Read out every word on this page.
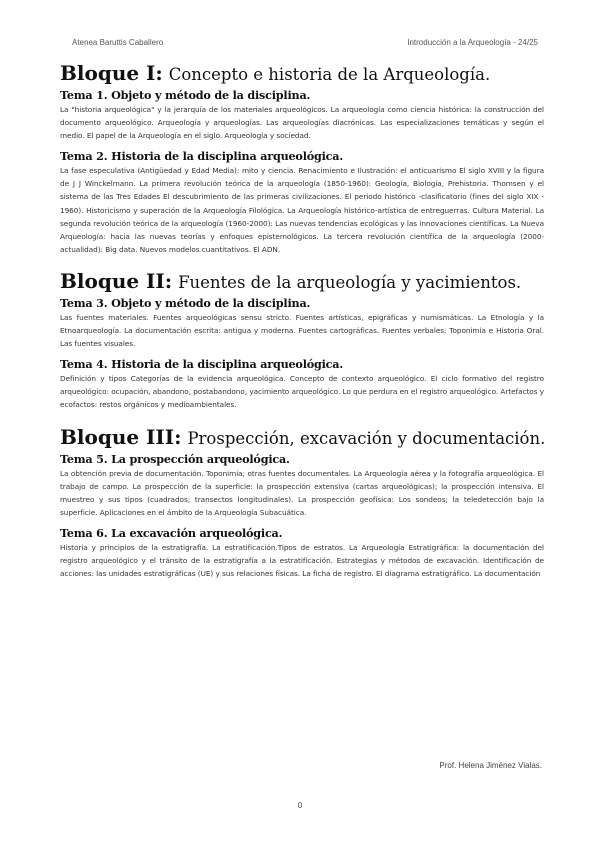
Atenea Baruttis Caballero	Introducción a la Arqueología - 24/25
Bloque I: Concepto e historia de la Arqueología.
Tema 1. Objeto y método de la disciplina.

La "historia arqueológica" y la jerarquía de los materiales arqueológicos. La arqueología como ciencia histórica: la construcción del documento arqueológico. Arqueología y arqueologías. Las arqueologías diacrónicas. Las especializaciones temáticas y según el medio. El papel de la Arqueología en el siglo. Arqueología y sociedad.

Tema 2. Historia de la disciplina arqueológica.

La fase especulativa (Antigüedad y Edad Media): mito y ciencia. Renacimiento e Ilustración: el anticuarismo El siglo XVIII y la figura de J J Winckelmann. La primera revolución teórica de la arqueología (1850-1960): Geología, Biología, Prehistoria. Thomsen y el sistema de las Tres Edades El descubrimiento de las primeras civilizaciones. El periodo histórico -clasificatorio (fines del siglo XIX - 1960). Historicismo y superación de la Arqueología Filológica. La Arqueología histórico-artística de entreguerras. Cultura Material. La segunda revolución teórica de la arqueología (1960-2000): Las nuevas tendencias ecológicas y las innovaciones científicas. La Nueva Arqueología: hacia las nuevas teorías y enfoques epistemológicos. La tercera revolución científica de la arqueología (2000- actualidad): Big data. Nuevos modelos cuantitativos. El ADN.

Bloque II: Fuentes de la arqueología y yacimientos.
Tema 3. Objeto y método de la disciplina.

Las fuentes materiales. Fuentes arqueológicas sensu stricto. Fuentes artísticas, epigráficas y numismáticas. La Etnología y la Etnoarqueología. La documentación escrita: antigua y moderna. Fuentes cartográficas. Fuentes verbales: Toponimia e Historia Oral. Las fuentes visuales.

Tema 4. Historia de la disciplina arqueológica.

Definición y tipos Categorías de la evidencia arqueológica. Concepto de contexto arqueológico. El ciclo formativo del registro arqueológico: ocupación, abandono, postabandono, yacimiento arqueológico. Lo que perdura en el registro arqueológico. Artefactos y ecofactos: restos orgánicos y medioambientales.

Bloque III: Prospección, excavación y documentación.
Tema 5. La prospección arqueológica.

La obtención previa de documentación. Toponimia; otras fuentes documentales. La Arqueología aérea y la fotografía arqueológica. El trabajo de campo. La prospección de la superficie: la prospección extensiva (cartas arqueológicas); la prospección intensiva. El muestreo y sus tipos (cuadrados; transectos longitudinales). La prospección geofísica: Los sondeos; la teledetección bajo la superficie. Aplicaciones en el ámbito de la Arqueología Subacuática.

Tema 6. La excavación arqueológica.

Historia y principios de la estratigrafía. La estratificación.Tipos de estratos. La Arqueología Estratigráfica: la documentación del registro arqueológico y el tránsito de la estratigrafía a la estratificación. Estrategias y métodos de excavación. Identificación de acciones: las unidades estratigráficas (UE) y sus relaciones físicas. La ficha de registro. El diagrama estratigráfico. La documentación

Prof. Helena Jiménez Vialas.
0
